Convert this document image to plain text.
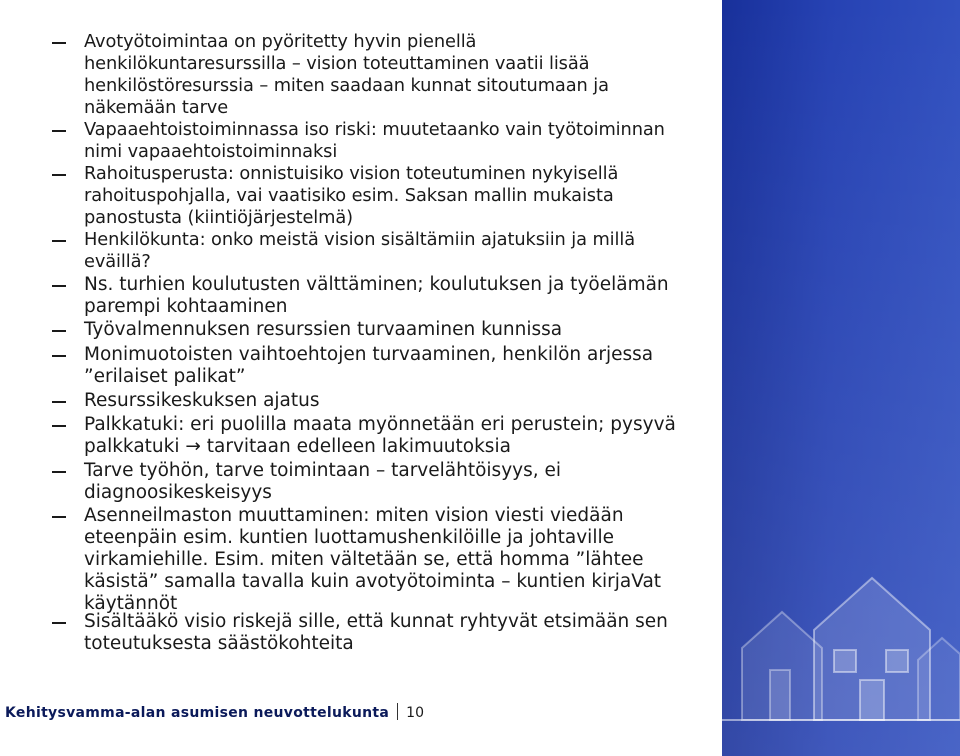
Avotyötoimintaa on pyöritetty hyvin pienellä
henkilökuntaresurssilla – vision toteuttaminen vaatii lisää
henkilöstöresurssia – miten saadaan kunnat sitoutumaan ja
näkemään tarve
Vapaaehtoistoiminnassa iso riski: muutetaanko vain työtoiminnan
nimi vapaaehtoistoiminnaksi
Rahoitusperusta: onnistuisiko vision toteutuminen nykyisellä
rahoituspohjalla, vai vaatisiko esim. Saksan mallin mukaista
panostusta (kiintiöjärjestelmä)
Henkilökunta: onko meistä vision sisältämiin ajatuksiin ja millä
eväillä?
Ns. turhien koulutusten välttäminen; koulutuksen ja työelämän
parempi kohtaaminen
Työvalmennuksen resurssien turvaaminen kunnissa
Monimuotoisten vaihtoehtojen turvaaminen, henkilön arjessa
”erilaiset palikat”
Resurssikeskuksen ajatus
Palkkatuki: eri puolilla maata myönnetään eri perustein; pysyvä
palkkatuki → tarvitaan edelleen lakimuutoksia
Tarve työhön, tarve toimintaan – tarvelähtöisyys, ei
diagnoosikeskeisyys
Asenneilmaston muuttaminen: miten vision viesti viedään
eteenpäin esim. kuntien luottamushenkilöille ja johtaville
virkamiehille. Esim. miten vältetään se, että homma ”lähtee
käsistä” samalla tavalla kuin avotyötoiminta – kuntien kirjaVat
käytännöt
Sisältääkö visio riskejä sille, että kunnat ryhtyvät etsimään sen
toteutuksesta säästökohteita
Kehitysvammа-alan asumisen neuvottelukunta 10
